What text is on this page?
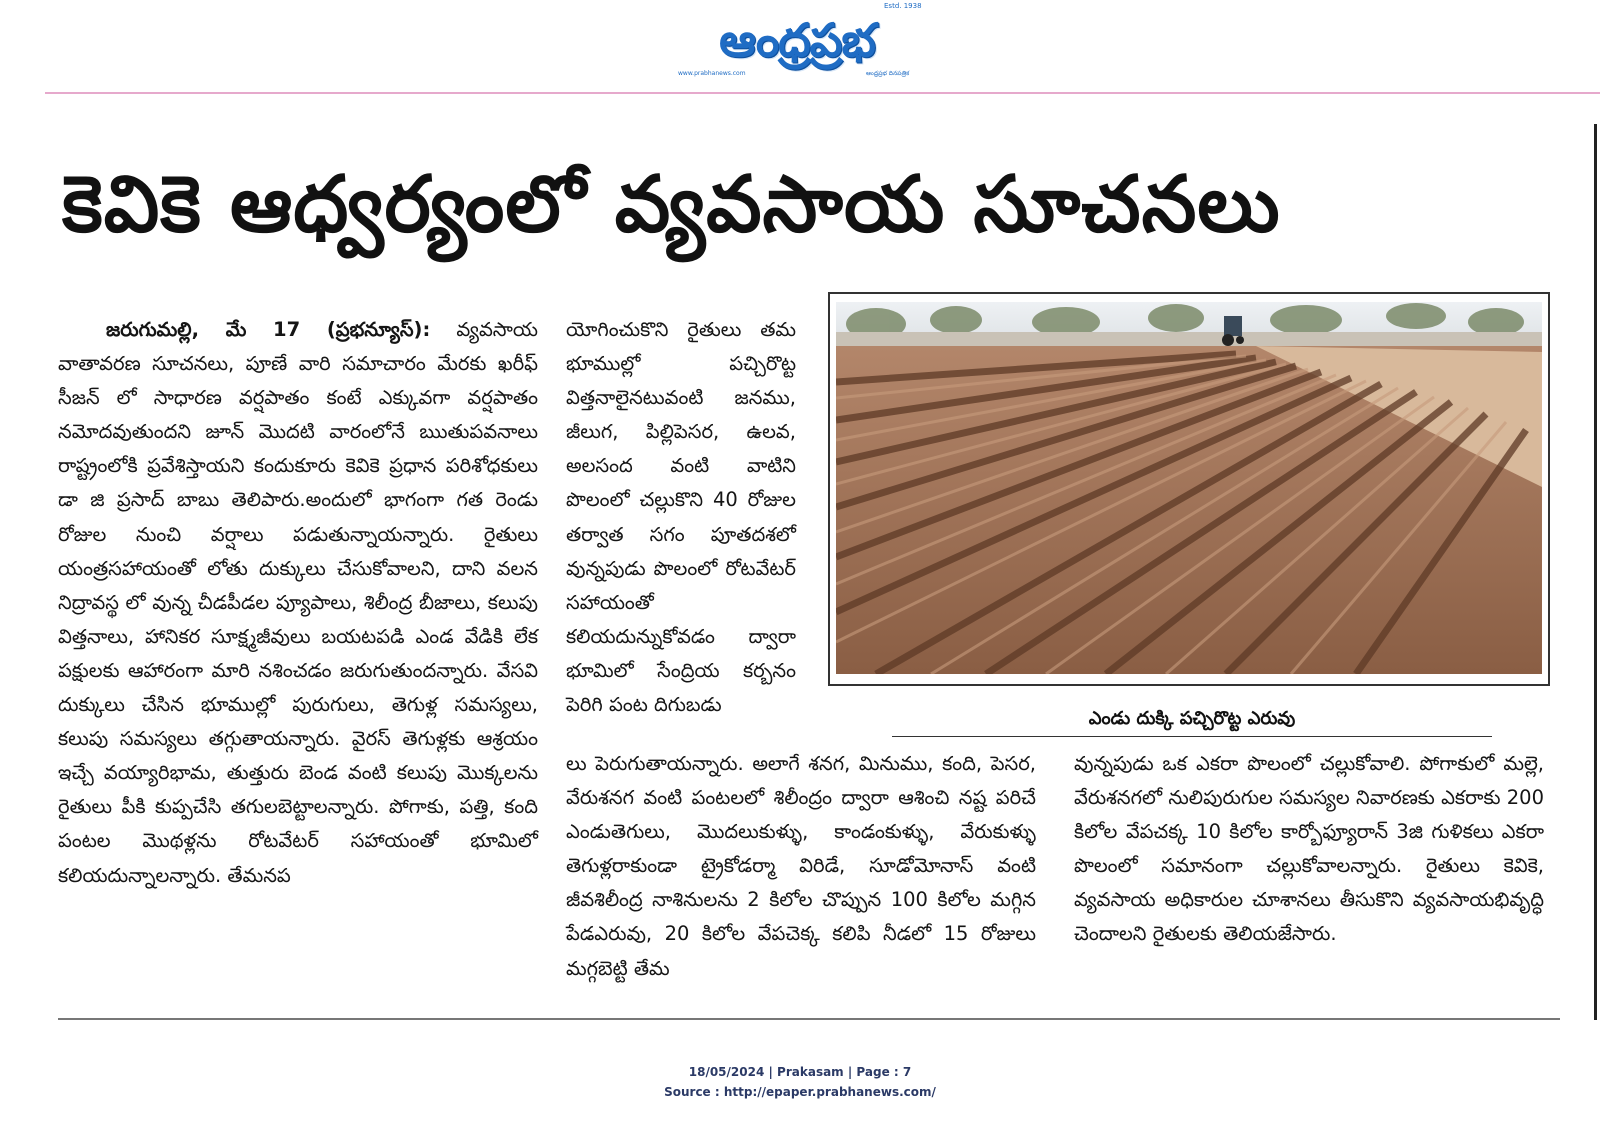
ఆంధ్రప్రభ
Estd. 1938
www.prabhanews.com	ఆంధ్రప్రభ దినపత్రిక
కెవికె ఆధ్వర్యంలో వ్యవసాయ సూచనలు

జరుగుమల్లి, మే 17 (ప్రభన్యూస్): వ్యవసాయ వాతావరణ సూచనలు, పూణే వారి సమాచారం మేరకు ఖరీఫ్ సీజన్ లో సాధారణ వర్షపాతం కంటే ఎక్కువగా వర్షపాతం నమోదవుతుందని జూన్ మొదటి వారంలోనే ఋతుపవనాలు రాష్ట్రంలోకి ప్రవేశిస్తాయని కందుకూరు కెవికె ప్రధాన పరిశోధకులు డా జి ప్రసాద్ బాబు తెలిపారు.అందులో భాగంగా గత రెండు రోజుల నుంచి వర్షాలు పడుతున్నాయన్నారు. రైతులు యంత్రసహాయంతో లోతు దుక్కులు చేసుకోవాలని, దాని వలన నిద్రావస్థ లో వున్న చీడపీడల ప్యూపాలు, శిలీంద్ర బీజాలు, కలుపు విత్తనాలు, హానికర సూక్ష్మజీవులు బయటపడి ఎండ వేడికి లేక పక్షులకు ఆహారంగా మారి నశించడం జరుగుతుందన్నారు. వేసవి దుక్కులు చేసిన భూముల్లో పురుగులు, తెగుళ్ల సమస్యలు, కలుపు సమస్యలు తగ్గుతాయన్నారు. వైరస్ తెగుళ్లకు ఆశ్రయం ఇచ్చే వయ్యారిభామ, తుత్తురు బెండ వంటి కలుపు మొక్కలను రైతులు పీకి కుప్పచేసి తగులబెట్టాలన్నారు. పోగాకు, పత్తి, కంది పంటల మొథళ్లను రోటవేటర్ సహాయంతో భూమిలో కలియదున్నాలన్నారు. తేమనప

యోగించుకొని రైతులు తమ భూముల్లో పచ్చిరొట్ట విత్తనాలైనటువంటి జనము, జీలుగ, పిల్లిపెసర, ఉలవ, అలసంద వంటి వాటిని పొలంలో చల్లుకొని 40 రోజుల తర్వాత సగం పూతదశలో వున్నపుడు పొలంలో రోటవేటర్ సహాయంతో కలియదున్నుకోవడం ద్వారా భూమిలో సేంద్రియ కర్బనం పెరిగి పంట దిగుబడు

ఎండు దుక్కి పచ్చిరొట్ట ఎరువు

లు పెరుగుతాయన్నారు. అలాగే శనగ, మినుము, కంది, పెసర, వేరుశనగ వంటి పంటలలో శిలీంద్రం ద్వారా ఆశించి నష్ట పరిచే ఎండుతెగులు, మొదలుకుళ్ళు, కాండంకుళ్ళు, వేరుకుళ్ళు తెగుళ్లరాకుండా ట్రైకోడర్మా విరిడే, సూడోమోనాస్ వంటి జీవశిలీంద్ర నాశినులను 2 కిలోల చొప్పున 100 కిలోల మగ్గిన పేడఎరువు, 20 కిలోల వేపచెక్క కలిపి నీడలో 15 రోజులు మగ్గబెట్టి తేమ

వున్నపుడు ఒక ఎకరా పొలంలో చల్లుకోవాలి. పోగాకులో మల్లె, వేరుశనగలో నులిపురుగుల సమస్యల నివారణకు ఎకరాకు 200 కిలోల వేపచక్క 10 కిలోల కార్బోఫ్యూరాన్ 3జి గుళికలు ఎకరా పొలంలో సమానంగా చల్లుకోవాలన్నారు. రైతులు కెవికె, వ్యవసాయ అధికారుల చూశానలు తీసుకొని వ్యవసాయభివృద్ధి చెందాలని రైతులకు తెలియజేసారు.

18/05/2024 | Prakasam | Page : 7
Source : http://epaper.prabhanews.com/
